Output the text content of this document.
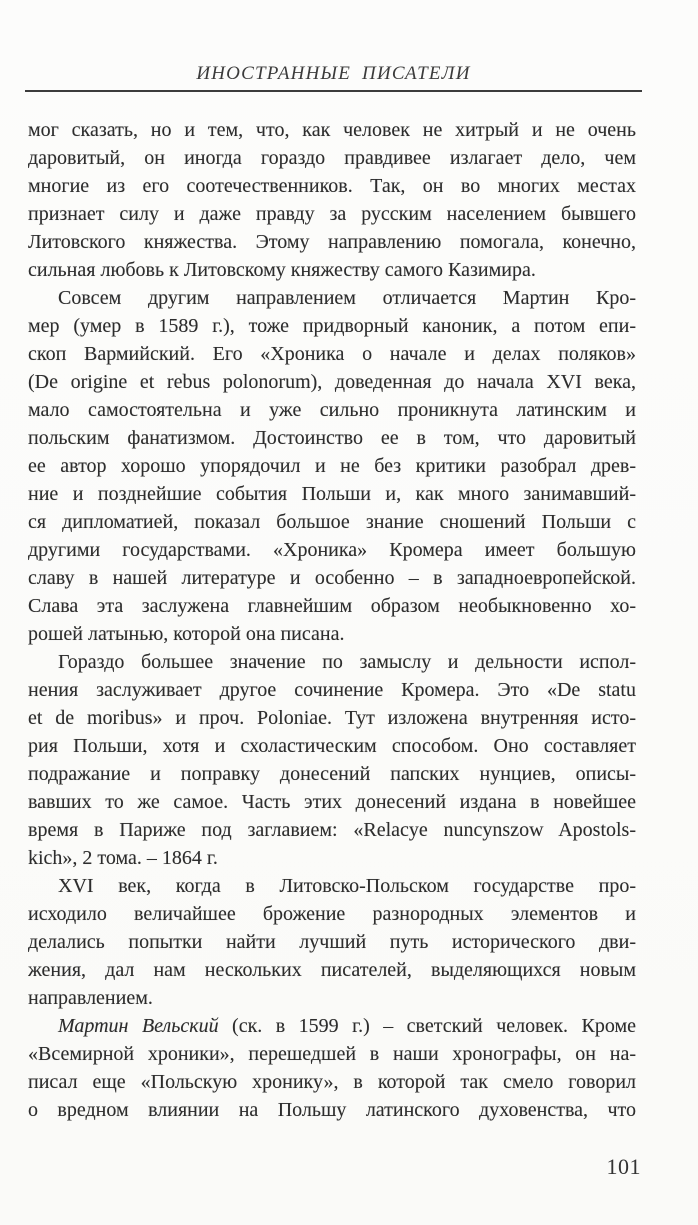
ИНОСТРАННЫЕ ПИСАТЕЛИ
мог сказать, но и тем, что, как человек не хитрый и не очень
даровитый, он иногда гораздо правдивее излагает дело, чем
многие из его соотечественников. Так, он во многих местах
признает силу и даже правду за русским населением бывшего
Литовского княжества. Этому направлению помогала, конечно,
сильная любовь к Литовскому княжеству самого Казимира.
Совсем другим направлением отличается Мартин Кро-
мер (умер в 1589 г.), тоже придворный каноник, а потом епи-
скоп Вармийский. Его «Хроника о начале и делах поляков»
(De origine et rebus polonorum), доведенная до начала XVI века,
мало самостоятельна и уже сильно проникнута латинским и
польским фанатизмом. Достоинство ее в том, что даровитый
ее автор хорошо упорядочил и не без критики разобрал древ-
ние и позднейшие события Польши и, как много занимавший-
ся дипломатией, показал большое знание сношений Польши с
другими государствами. «Хроника» Кромера имеет большую
славу в нашей литературе и особенно – в западноевропейской.
Слава эта заслужена главнейшим образом необыкновенно хо-
рошей латынью, которой она писана.
Гораздо большее значение по замыслу и дельности испол-
нения заслуживает другое сочинение Кромера. Это «De statu
et de moribus» и проч. Poloniae. Тут изложена внутренняя исто-
рия Польши, хотя и схоластическим способом. Оно составляет
подражание и поправку донесений папских нунциев, описы-
вавших то же самое. Часть этих донесений издана в новейшее
время в Париже под заглавием: «Relacye nuncynszow Apostols-
kich», 2 тома. – 1864 г.
XVI век, когда в Литовско-Польском государстве про-
исходило величайшее брожение разнородных элементов и
делались попытки найти лучший путь исторического дви-
жения, дал нам нескольких писателей, выделяющихся новым
направлением.
Мартин Вельский (ск. в 1599 г.) – светский человек. Кроме
«Всемирной хроники», перешедшей в наши хронографы, он на-
писал еще «Польскую хронику», в которой так смело говорил
о вредном влиянии на Польшу латинского духовенства, что
101
